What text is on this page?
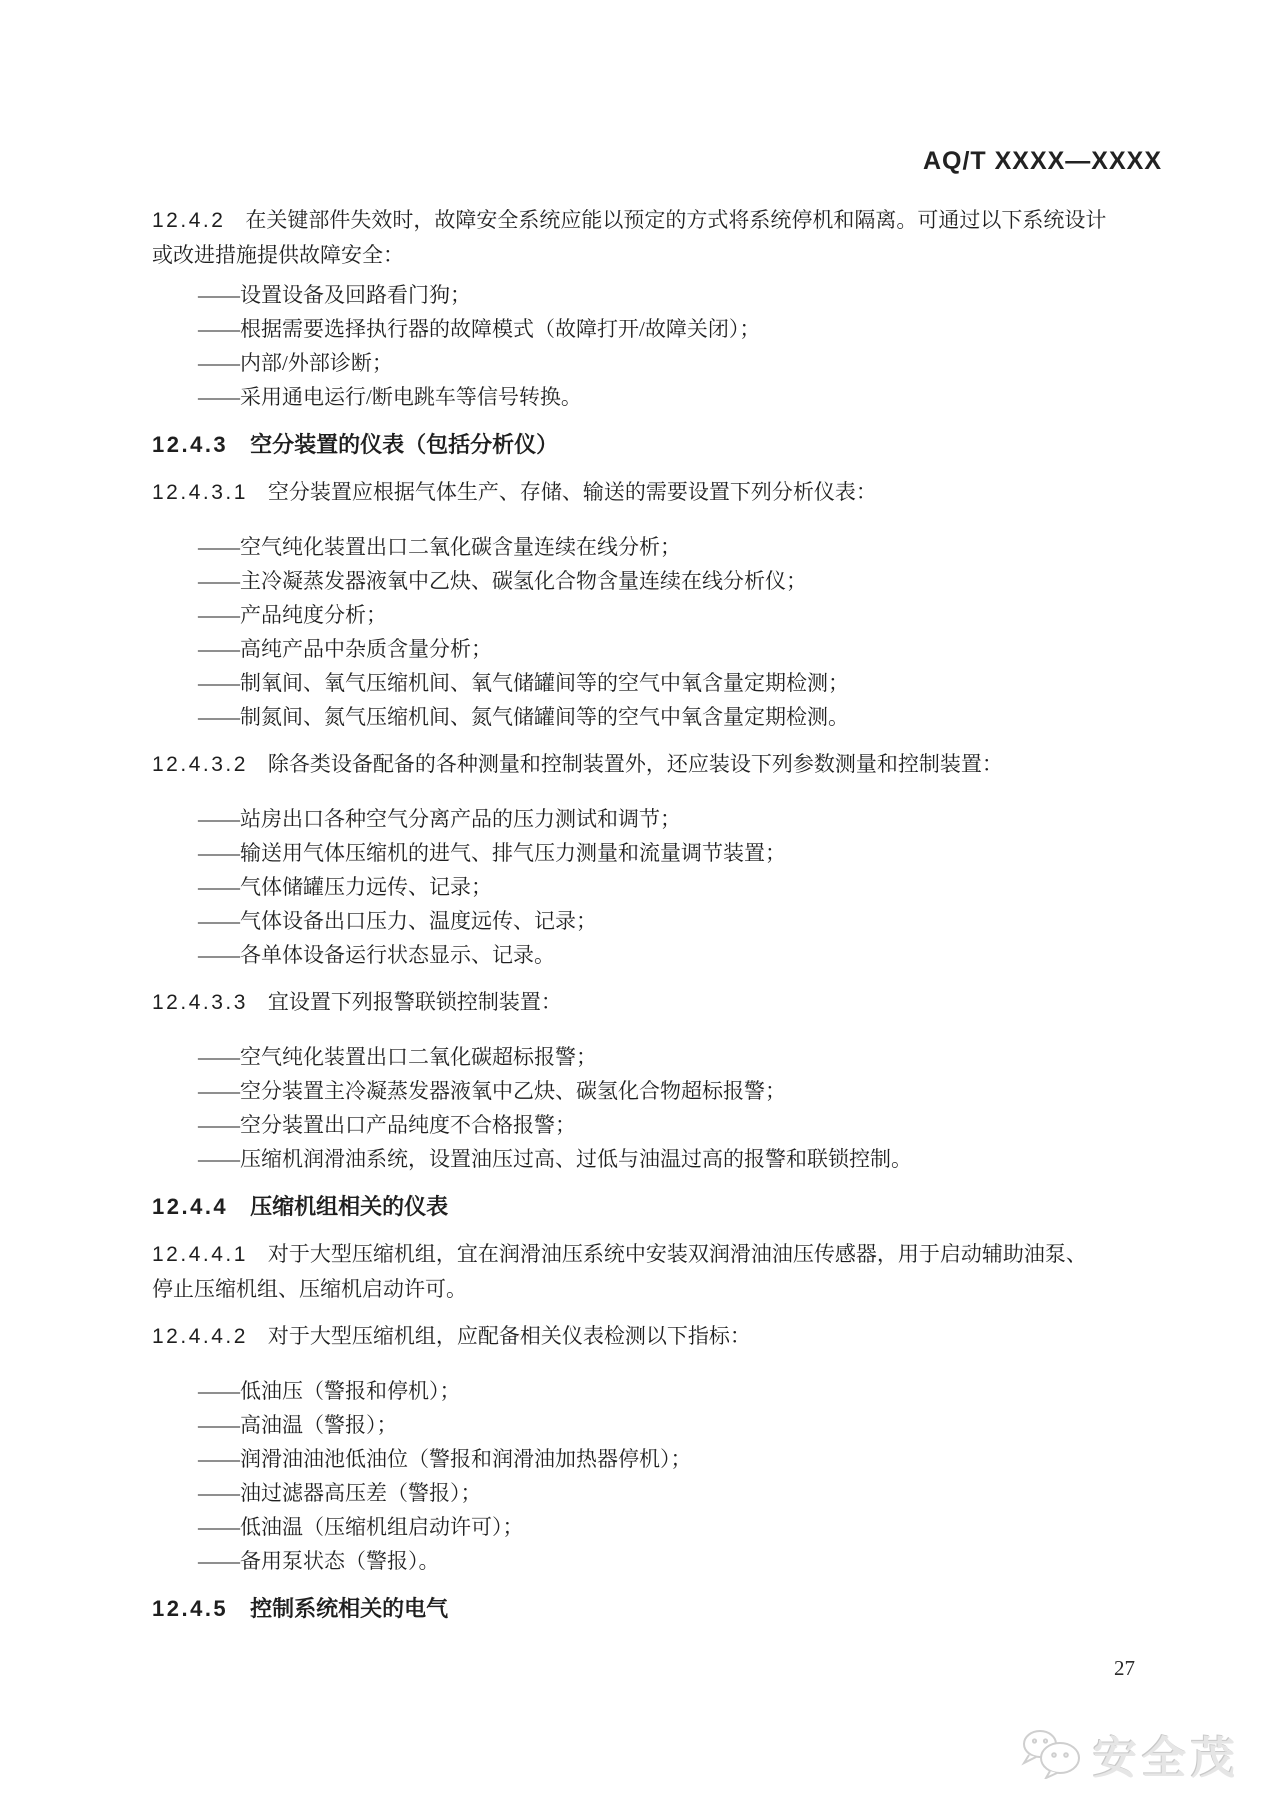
AQ/T XXXX—XXXX
12.4.2 在关键部件失效时，故障安全系统应能以预定的方式将系统停机和隔离。可通过以下系统设计
或改进措施提供故障安全：
——设置设备及回路看门狗；
——根据需要选择执行器的故障模式（故障打开/故障关闭）；
——内部/外部诊断；
——采用通电运行/断电跳车等信号转换。
12.4.3 空分装置的仪表（包括分析仪）
12.4.3.1 空分装置应根据气体生产、存储、输送的需要设置下列分析仪表：
——空气纯化装置出口二氧化碳含量连续在线分析；
——主冷凝蒸发器液氧中乙炔、碳氢化合物含量连续在线分析仪；
——产品纯度分析；
——高纯产品中杂质含量分析；
——制氧间、氧气压缩机间、氧气储罐间等的空气中氧含量定期检测；
——制氮间、氮气压缩机间、氮气储罐间等的空气中氧含量定期检测。
12.4.3.2 除各类设备配备的各种测量和控制装置外，还应装设下列参数测量和控制装置：
——站房出口各种空气分离产品的压力测试和调节；
——输送用气体压缩机的进气、排气压力测量和流量调节装置；
——气体储罐压力远传、记录；
——气体设备出口压力、温度远传、记录；
——各单体设备运行状态显示、记录。
12.4.3.3 宜设置下列报警联锁控制装置：
——空气纯化装置出口二氧化碳超标报警；
——空分装置主冷凝蒸发器液氧中乙炔、碳氢化合物超标报警；
——空分装置出口产品纯度不合格报警；
——压缩机润滑油系统，设置油压过高、过低与油温过高的报警和联锁控制。
12.4.4 压缩机组相关的仪表
12.4.4.1 对于大型压缩机组，宜在润滑油压系统中安装双润滑油油压传感器，用于启动辅助油泵、
停止压缩机组、压缩机启动许可。
12.4.4.2 对于大型压缩机组，应配备相关仪表检测以下指标：
——低油压（警报和停机）；
——高油温（警报）；
——润滑油油池低油位（警报和润滑油加热器停机）；
——油过滤器高压差（警报）；
——低油温（压缩机组启动许可）；
——备用泵状态（警报）。
12.4.5 控制系统相关的电气
27
安全茂
